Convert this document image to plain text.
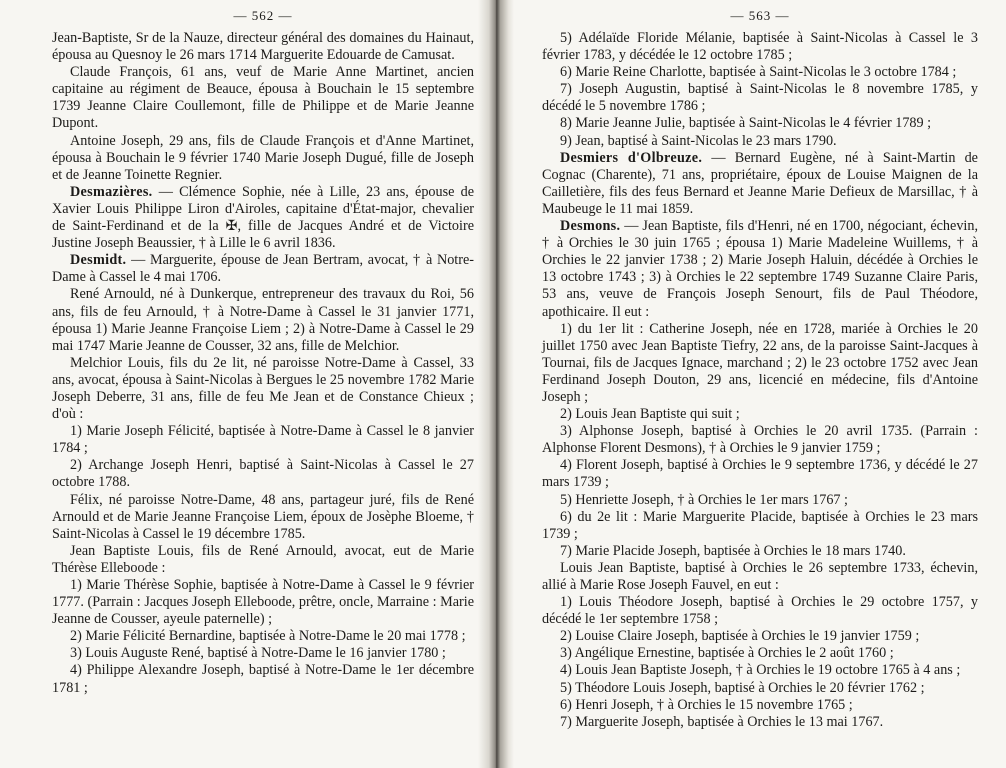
— 562 —

Jean-Baptiste, Sr de la Nauze, directeur général des domaines du Hainaut, épousa au Quesnoy le 26 mars 1714 Marguerite Edouarde de Camusat.

Claude François, 61 ans, veuf de Marie Anne Martinet, ancien capitaine au régiment de Beauce, épousa à Bouchain le 15 septembre 1739 Jeanne Claire Coullemont, fille de Philippe et de Marie Jeanne Dupont.

Antoine Joseph, 29 ans, fils de Claude François et d'Anne Martinet, épousa à Bouchain le 9 février 1740 Marie Joseph Dugué, fille de Joseph et de Jeanne Toinette Regnier.

Desmazières. — Clémence Sophie, née à Lille, 23 ans, épouse de Xavier Louis Philippe Liron d'Airoles, capitaine d'État-major, chevalier de Saint-Ferdinand et de la ✠, fille de Jacques André et de Victoire Justine Joseph Beaussier, † à Lille le 6 avril 1836.

Desmidt. — Marguerite, épouse de Jean Bertram, avocat, † à Notre-Dame à Cassel le 4 mai 1706.

René Arnould, né à Dunkerque, entrepreneur des travaux du Roi, 56 ans, fils de feu Arnould, † à Notre-Dame à Cassel le 31 janvier 1771, épousa 1) Marie Jeanne Françoise Liem ; 2) à Notre-Dame à Cassel le 29 mai 1747 Marie Jeanne de Cousser, 32 ans, fille de Melchior.

Melchior Louis, fils du 2e lit, né paroisse Notre-Dame à Cassel, 33 ans, avocat, épousa à Saint-Nicolas à Bergues le 25 novembre 1782 Marie Joseph Deberre, 31 ans, fille de feu Me Jean et de Constance Chieux ; d'où :

1) Marie Joseph Félicité, baptisée à Notre-Dame à Cassel le 8 janvier 1784 ;

2) Archange Joseph Henri, baptisé à Saint-Nicolas à Cassel le 27 octobre 1788.

Félix, né paroisse Notre-Dame, 48 ans, partageur juré, fils de René Arnould et de Marie Jeanne Françoise Liem, époux de Josèphe Bloeme, † Saint-Nicolas à Cassel le 19 décembre 1785.

Jean Baptiste Louis, fils de René Arnould, avocat, eut de Marie Thérèse Elleboode :

1) Marie Thérèse Sophie, baptisée à Notre-Dame à Cassel le 9 février 1777. (Parrain : Jacques Joseph Elleboode, prêtre, oncle, Marraine : Marie Jeanne de Cousser, ayeule paternelle) ;

2) Marie Félicité Bernardine, baptisée à Notre-Dame le 20 mai 1778 ;

3) Louis Auguste René, baptisé à Notre-Dame le 16 janvier 1780 ;

4) Philippe Alexandre Joseph, baptisé à Notre-Dame le 1er décembre 1781 ;

— 563 —

5) Adélaïde Floride Mélanie, baptisée à Saint-Nicolas à Cassel le 3 février 1783, y décédée le 12 octobre 1785 ;

6) Marie Reine Charlotte, baptisée à Saint-Nicolas le 3 octobre 1784 ;

7) Joseph Augustin, baptisé à Saint-Nicolas le 8 novembre 1785, y décédé le 5 novembre 1786 ;

8) Marie Jeanne Julie, baptisée à Saint-Nicolas le 4 février 1789 ;

9) Jean, baptisé à Saint-Nicolas le 23 mars 1790.

Desmiers d'Olbreuze. — Bernard Eugène, né à Saint-Martin de Cognac (Charente), 71 ans, propriétaire, époux de Louise Maignen de la Cailletière, fils des feus Bernard et Jeanne Marie Defieux de Marsillac, † à Maubeuge le 11 mai 1859.

Desmons. — Jean Baptiste, fils d'Henri, né en 1700, négociant, échevin, † à Orchies le 30 juin 1765 ; épousa 1) Marie Madeleine Wuillems, † à Orchies le 22 janvier 1738 ; 2) Marie Joseph Haluin, décédée à Orchies le 13 octobre 1743 ; 3) à Orchies le 22 septembre 1749 Suzanne Claire Paris, 53 ans, veuve de François Joseph Senourt, fils de Paul Théodore, apothicaire. Il eut :

1) du 1er lit : Catherine Joseph, née en 1728, mariée à Orchies le 20 juillet 1750 avec Jean Baptiste Tiefry, 22 ans, de la paroisse Saint-Jacques à Tournai, fils de Jacques Ignace, marchand ; 2) le 23 octobre 1752 avec Jean Ferdinand Joseph Douton, 29 ans, licencié en médecine, fils d'Antoine Joseph ;

2) Louis Jean Baptiste qui suit ;

3) Alphonse Joseph, baptisé à Orchies le 20 avril 1735. (Parrain : Alphonse Florent Desmons), † à Orchies le 9 janvier 1759 ;

4) Florent Joseph, baptisé à Orchies le 9 septembre 1736, y décédé le 27 mars 1739 ;

5) Henriette Joseph, † à Orchies le 1er mars 1767 ;

6) du 2e lit : Marie Marguerite Placide, baptisée à Orchies le 23 mars 1739 ;

7) Marie Placide Joseph, baptisée à Orchies le 18 mars 1740.

Louis Jean Baptiste, baptisé à Orchies le 26 septembre 1733, échevin, allié à Marie Rose Joseph Fauvel, en eut :

1) Louis Théodore Joseph, baptisé à Orchies le 29 octobre 1757, y décédé le 1er septembre 1758 ;

2) Louise Claire Joseph, baptisée à Orchies le 19 janvier 1759 ;

3) Angélique Ernestine, baptisée à Orchies le 2 août 1760 ;

4) Louis Jean Baptiste Joseph, † à Orchies le 19 octobre 1765 à 4 ans ;

5) Théodore Louis Joseph, baptisé à Orchies le 20 février 1762 ;

6) Henri Joseph, † à Orchies le 15 novembre 1765 ;

7) Marguerite Joseph, baptisée à Orchies le 13 mai 1767.
